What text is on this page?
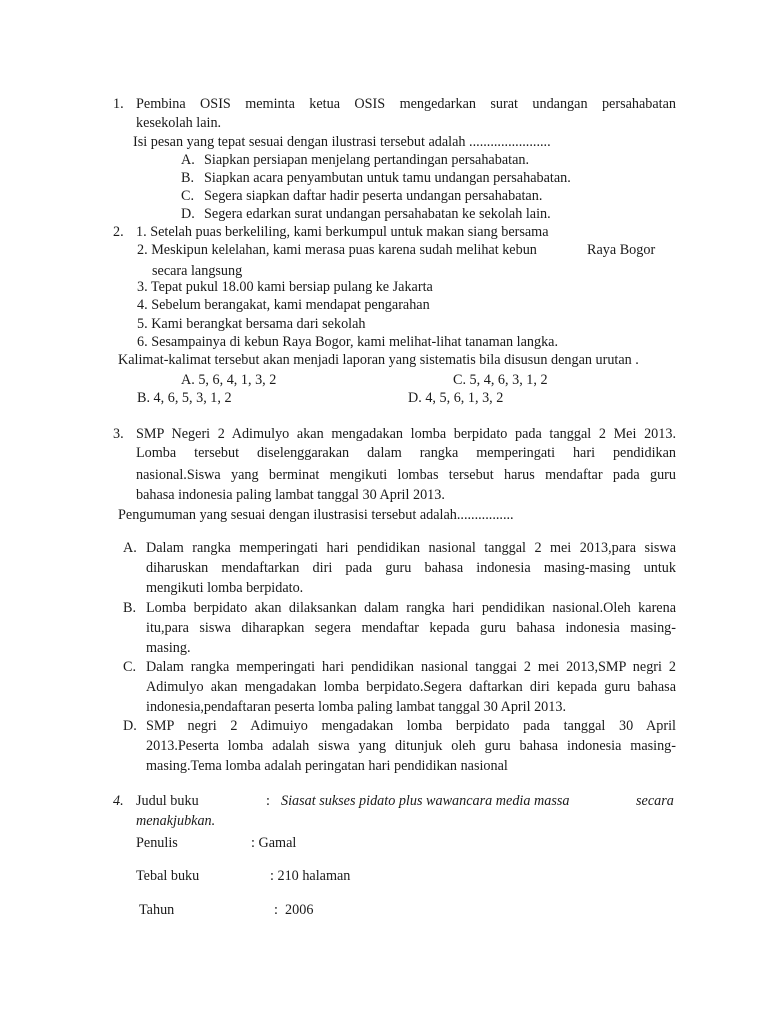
1. Pembina OSIS meminta ketua OSIS mengedarkan surat undangan persahabatan
kesekolah lain.
Isi pesan yang tepat sesuai dengan ilustrasi tersebut adalah .......................
A. Siapkan persiapan menjelang pertandingan persahabatan.
B. Siapkan acara penyambutan untuk tamu undangan persahabatan.
C. Segera siapkan daftar hadir peserta undangan persahabatan.
D. Segera edarkan surat undangan persahabatan ke sekolah lain.
2. 1. Setelah puas berkeliling, kami berkumpul untuk makan siang bersama
2. Meskipun kelelahan, kami merasa puas karena sudah melihat kebun	Raya Bogor
secara langsung
3. Tepat pukul 18.00 kami bersiap pulang ke Jakarta
4. Sebelum berangakat, kami mendapat pengarahan
5. Kami berangkat bersama dari sekolah
6. Sesampainya di kebun Raya Bogor, kami melihat-lihat tanaman langka.
Kalimat-kalimat tersebut akan menjadi laporan yang sistematis bila disusun dengan urutan .
A. 5, 6, 4, 1, 3, 2	C. 5, 4, 6, 3, 1, 2
B. 4, 6, 5, 3, 1, 2	D. 4, 5, 6, 1, 3, 2
3. SMP Negeri 2 Adimulyo akan mengadakan lomba berpidato pada tanggal 2 Mei 2013.
Lomba tersebut diselenggarakan dalam rangka memperingati hari pendidikan
nasional.Siswa yang berminat mengikuti lombas tersebut harus mendaftar pada guru
bahasa indonesia paling lambat tanggal 30 April 2013.
Pengumuman yang sesuai dengan ilustrasisi tersebut adalah................
A. Dalam rangka memperingati hari pendidikan nasional tanggal 2 mei 2013,para siswa
diharuskan mendaftarkan diri pada guru bahasa indonesia masing-masing untuk
mengikuti lomba berpidato.
B. Lomba berpidato akan dilaksankan dalam rangka hari pendidikan nasional.Oleh karena
itu,para siswa diharapkan segera mendaftar kepada guru bahasa indonesia masing-
masing.
C. Dalam rangka memperingati hari pendidikan nasional tanggai 2 mei 2013,SMP negri 2
Adimulyo akan mengadakan lomba berpidato.Segera daftarkan diri kepada guru bahasa
indonesia,pendaftaran peserta lomba paling lambat tanggal 30 April 2013.
D. SMP negri 2 Adimuiyo mengadakan lomba berpidato pada tanggal 30 April
2013.Peserta lomba adalah siswa yang ditunjuk oleh guru bahasa indonesia masing-
masing.Tema lomba adalah peringatan hari pendidikan nasional
4. Judul buku	: Siasat sukses pidato plus wawancara media massa	secara
menakjubkan.
Penulis	: Gamal
Tebal buku	: 210 halaman
Tahun	:  2006
